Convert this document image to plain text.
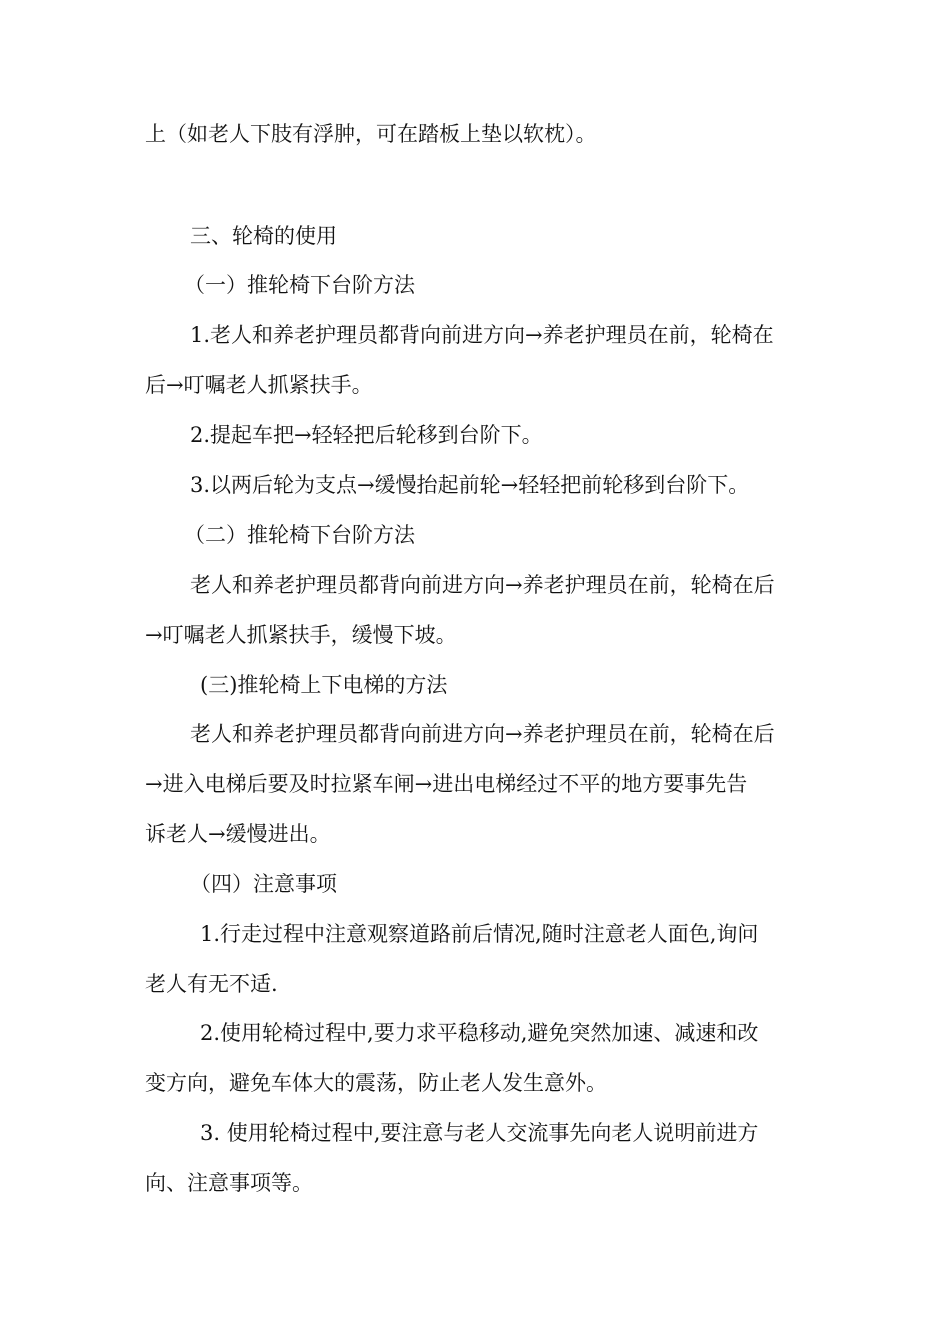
上（如老人下肢有浮肿，可在踏板上垫以软枕）。
三、轮椅的使用
（一）推轮椅下台阶方法
1.老人和养老护理员都背向前进方向→养老护理员在前，轮椅在
后→叮嘱老人抓紧扶手。
2.提起车把→轻轻把后轮移到台阶下。
3.以两后轮为支点→缓慢抬起前轮→轻轻把前轮移到台阶下。
（二）推轮椅下台阶方法
老人和养老护理员都背向前进方向→养老护理员在前，轮椅在后
→叮嘱老人抓紧扶手，缓慢下坡。
(三)推轮椅上下电梯的方法
老人和养老护理员都背向前进方向→养老护理员在前，轮椅在后
→进入电梯后要及时拉紧车闸→进出电梯经过不平的地方要事先告
诉老人→缓慢进出。
（四）注意事项
1.行走过程中注意观察道路前后情况,随时注意老人面色,询问
老人有无不适.
2.使用轮椅过程中,要力求平稳移动,避免突然加速、减速和改
变方向，避免车体大的震荡，防止老人发生意外。
3. 使用轮椅过程中,要注意与老人交流事先向老人说明前进方
向、注意事项等。
